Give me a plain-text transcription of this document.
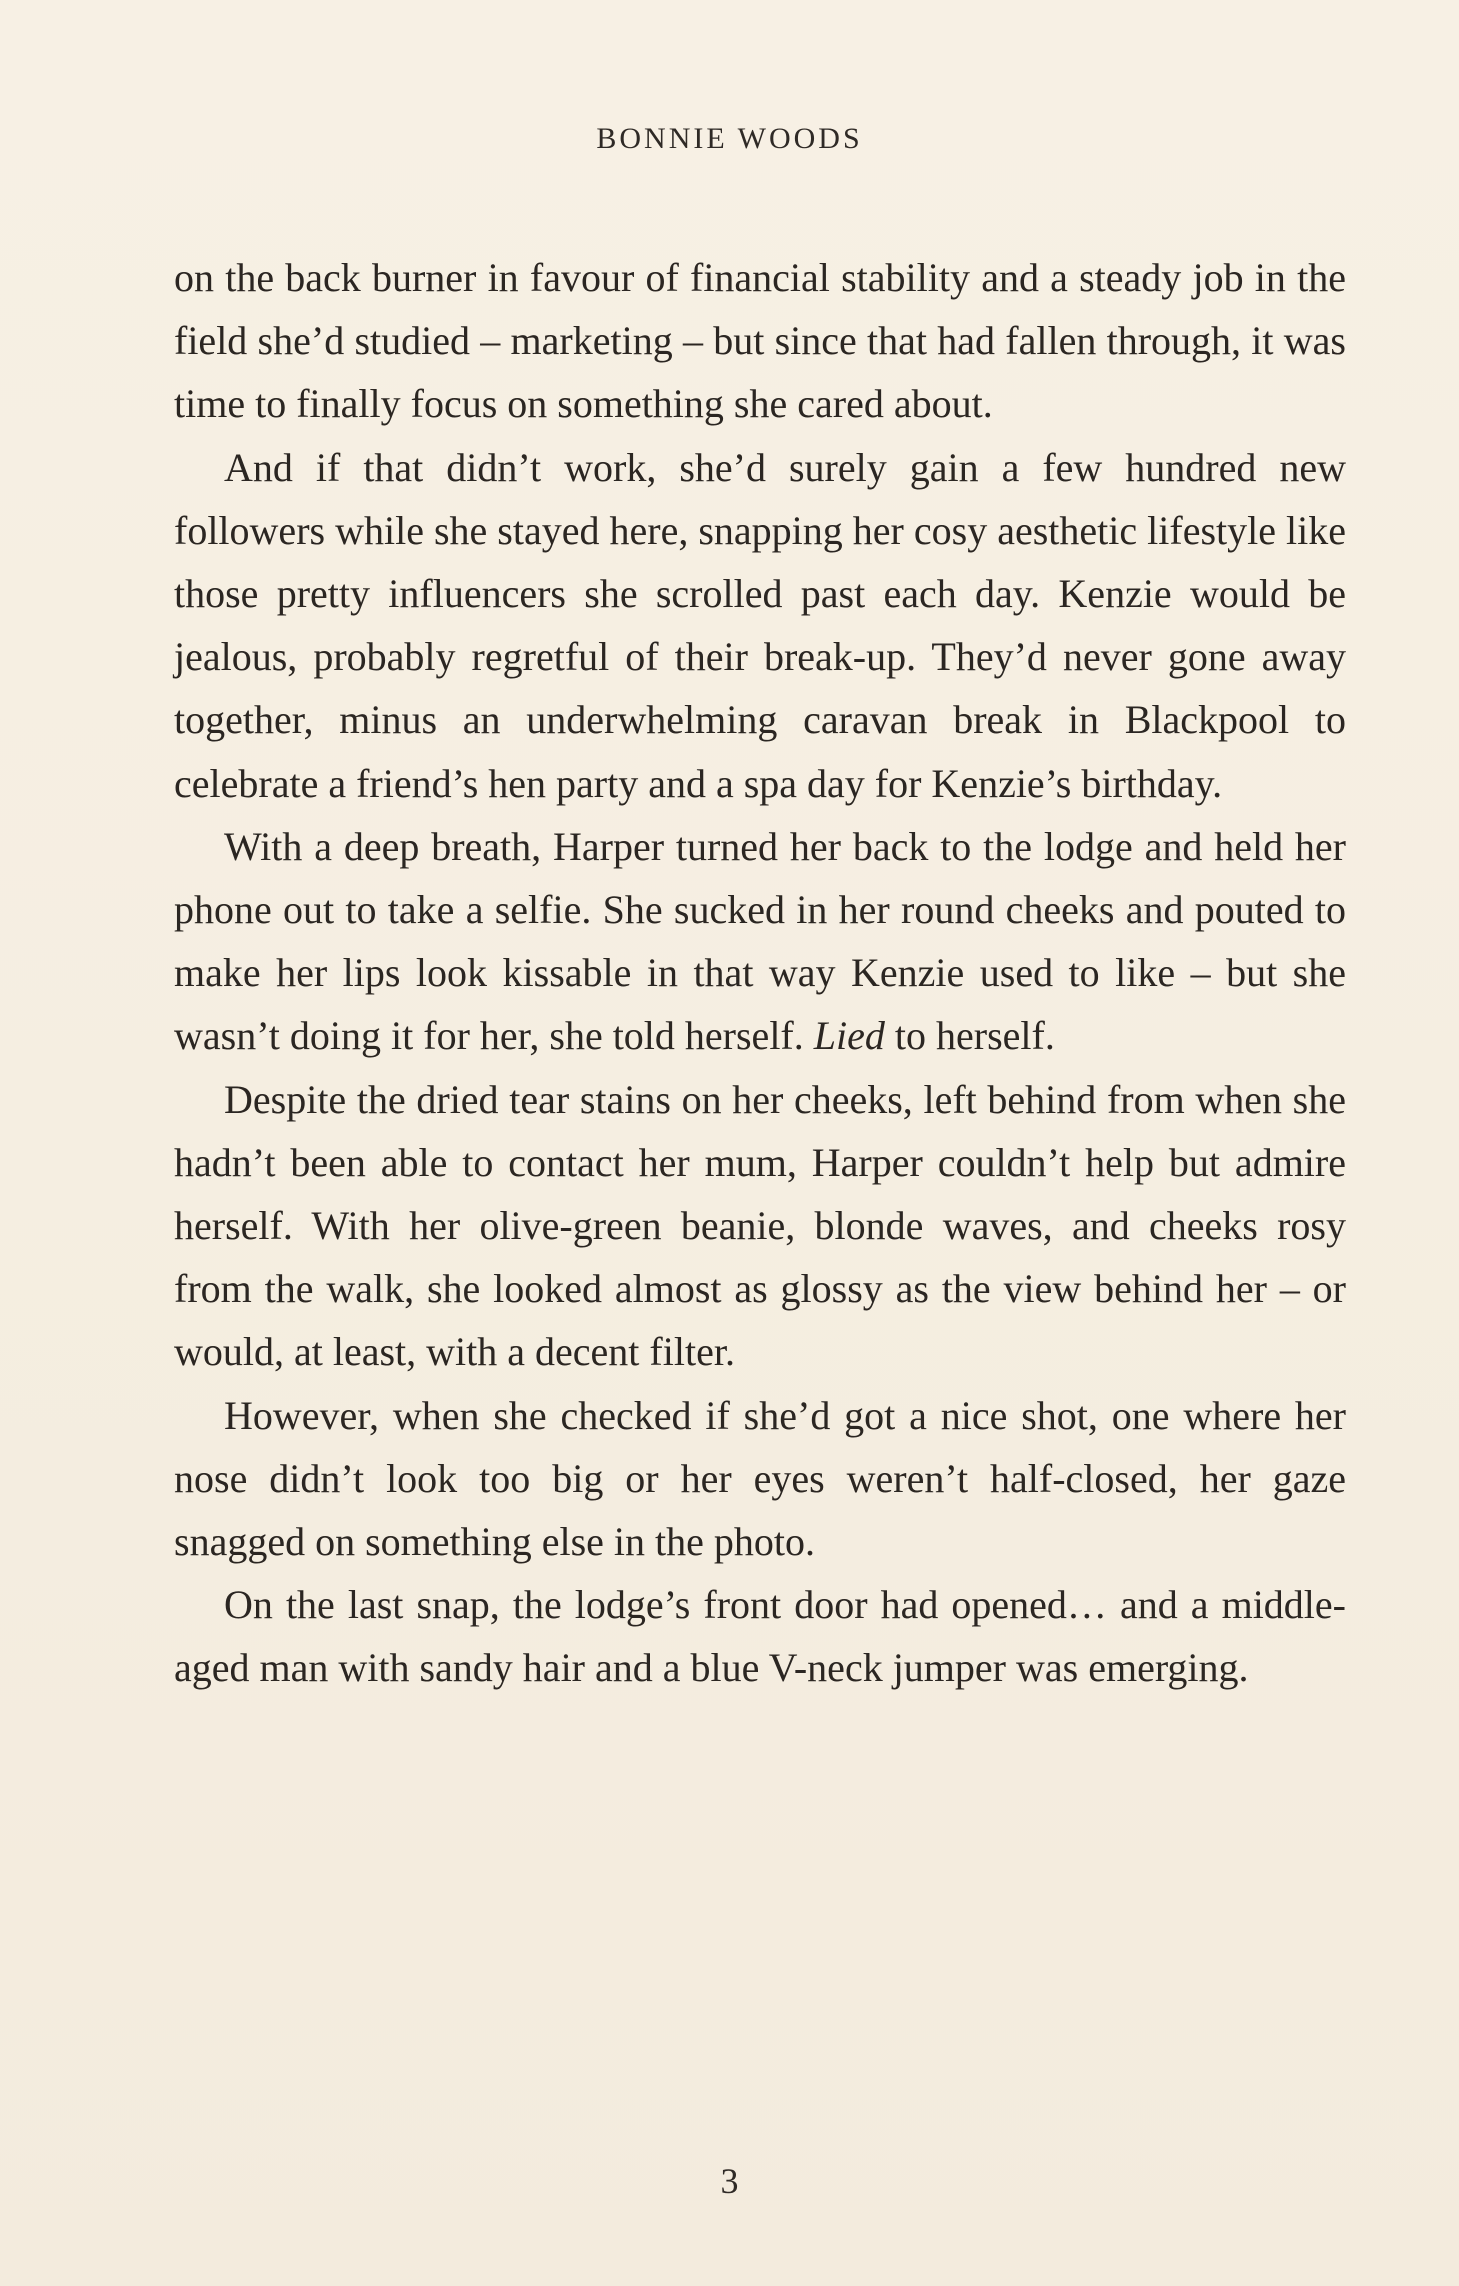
BONNIE WOODS

on the back burner in favour of financial stability and a steady job in the field she’d studied – marketing – but since that had fallen through, it was time to finally focus on something she cared about.

And if that didn’t work, she’d surely gain a few hundred new followers while she stayed here, snapping her cosy aesthetic lifestyle like those pretty influencers she scrolled past each day. Kenzie would be jealous, probably regretful of their break-up. They’d never gone away together, minus an underwhelming caravan break in Blackpool to celebrate a friend’s hen party and a spa day for Kenzie’s birthday.

With a deep breath, Harper turned her back to the lodge and held her phone out to take a selfie. She sucked in her round cheeks and pouted to make her lips look kissable in that way Kenzie used to like – but she wasn’t doing it for her, she told herself. Lied to herself.

Despite the dried tear stains on her cheeks, left behind from when she hadn’t been able to contact her mum, Harper couldn’t help but admire herself. With her olive-green beanie, blonde waves, and cheeks rosy from the walk, she looked almost as glossy as the view behind her – or would, at least, with a decent filter.

However, when she checked if she’d got a nice shot, one where her nose didn’t look too big or her eyes weren’t half-closed, her gaze snagged on something else in the photo.

On the last snap, the lodge’s front door had opened… and a middle-aged man with sandy hair and a blue V-neck jumper was emerging.

3
